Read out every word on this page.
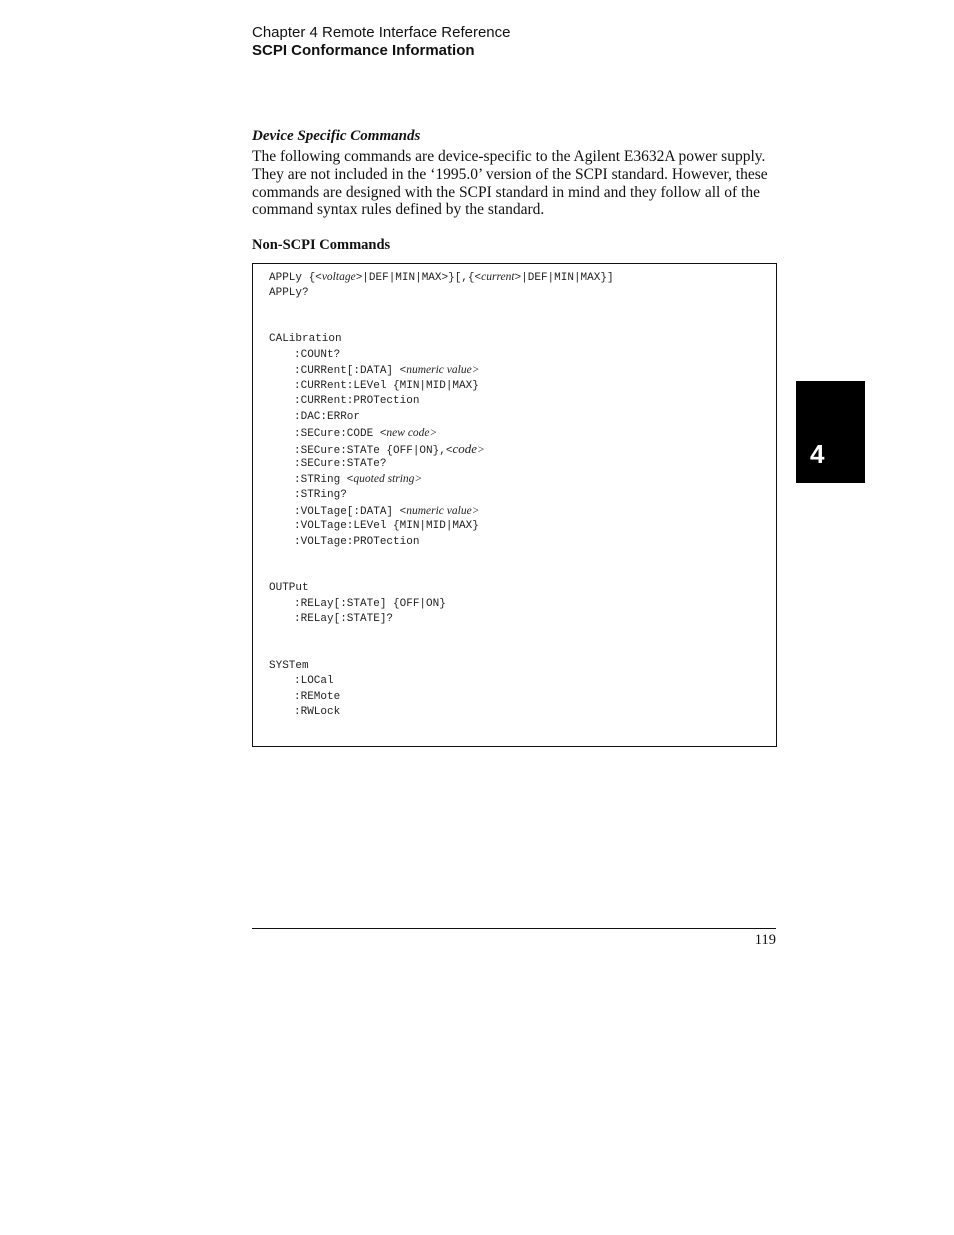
Chapter 4 Remote Interface Reference
SCPI Conformance Information
Device Specific Commands
The following commands are device-specific to the Agilent E3632A power supply. They are not included in the ‘1995.0’ version of the SCPI standard. However, these commands are designed with the SCPI standard in mind and they follow all of the command syntax rules defined by the standard.
Non-SCPI Commands
APPLy {<voltage>|DEF|MIN|MAX>}[,{<current>|DEF|MIN|MAX}]
APPLy?
CALibration
:COUNt?
:CURRent[:DATA] <numeric value>
:CURRent:LEVel {MIN|MID|MAX}
:CURRent:PROTection
:DAC:ERRor
:SECure:CODE <new code>
:SECure:STATe {OFF|ON},<code>
:SECure:STATe?
:STRing <quoted string>
:STRing?
:VOLTage[:DATA] <numeric value>
:VOLTage:LEVel {MIN|MID|MAX}
:VOLTage:PROTection
OUTPut
:RELay[:STATe] {OFF|ON}
:RELay[:STATE]?
SYSTem
:LOCal
:REMote
:RWLock
4
119
